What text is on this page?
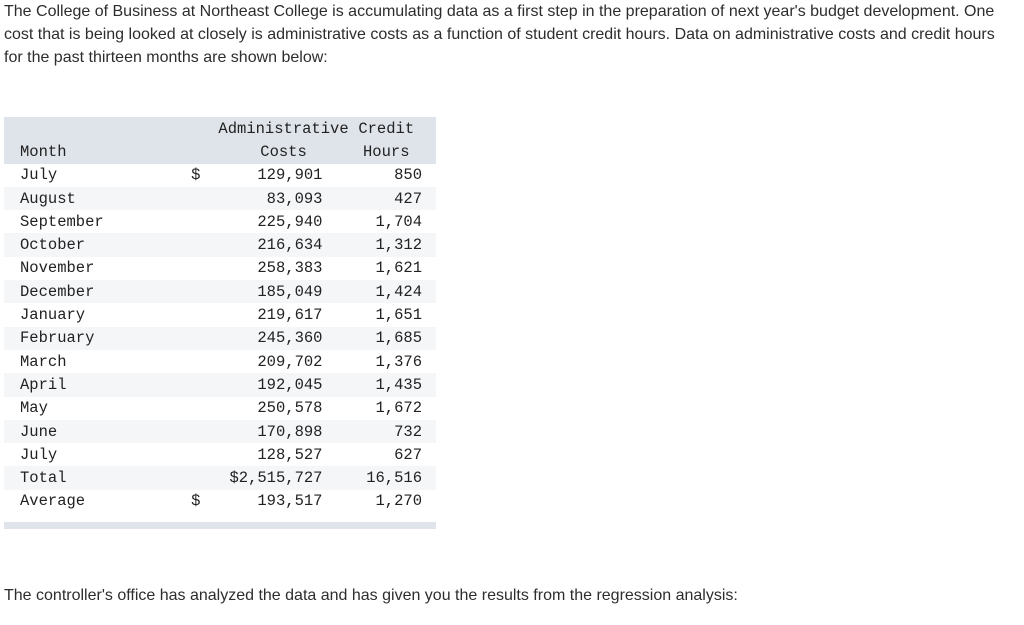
The College of Business at Northeast College is accumulating data as a first step in the preparation of next year's budget development. One cost that is being looked at closely is administrative costs as a function of student credit hours. Data on administrative costs and credit hours for the past thirteen months are shown below:

		Administrative	Credit
Month		Costs	Hours
July	$	129,901	850
August		83,093	427
September		225,940	1,704
October		216,634	1,312
November		258,383	1,621
December		185,049	1,424
January		219,617	1,651
February		245,360	1,685
March		209,702	1,376
April		192,045	1,435
May		250,578	1,672
June		170,898	732
July		128,527	627
Total		$2,515,727	16,516
Average	$	193,517	1,270

The controller's office has analyzed the data and has given you the results from the regression analysis:
